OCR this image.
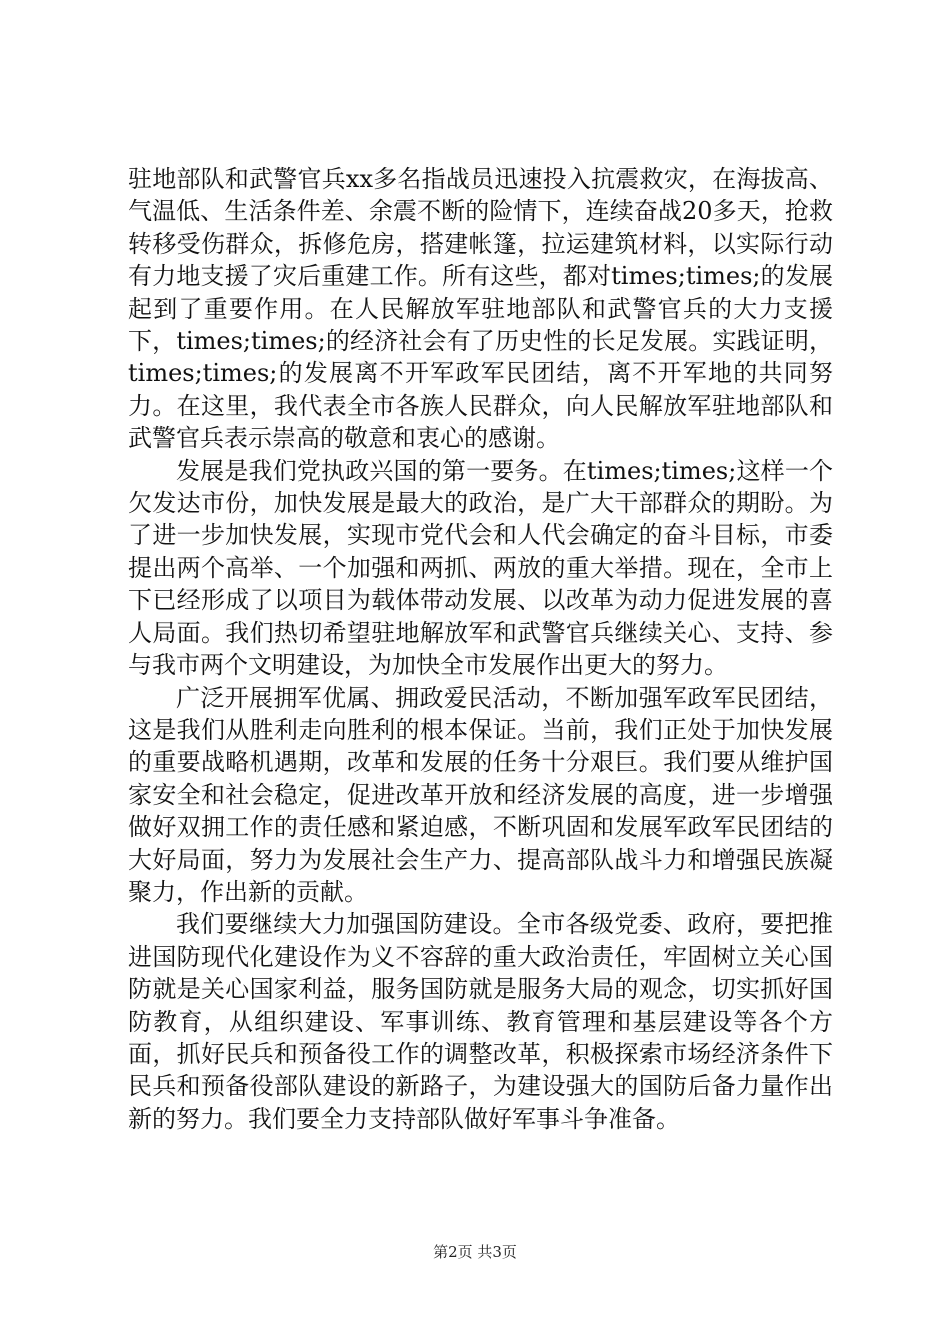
驻地部队和武警官兵xx多名指战员迅速投入抗震救灾，在海拔高、气温低、生活条件差、余震不断的险情下，连续奋战20多天，抢救转移受伤群众，拆修危房，搭建帐篷，拉运建筑材料，以实际行动有力地支援了灾后重建工作。所有这些，都对times;times;的发展起到了重要作用。在人民解放军驻地部队和武警官兵的大力支援下，times;times;的经济社会有了历史性的长足发展。实践证明，times;times;的发展离不开军政军民团结，离不开军地的共同努力。在这里，我代表全市各族人民群众，向人民解放军驻地部队和武警官兵表示崇高的敬意和衷心的感谢。

发展是我们党执政兴国的第一要务。在times;times;这样一个欠发达市份，加快发展是最大的政治，是广大干部群众的期盼。为了进一步加快发展，实现市党代会和人代会确定的奋斗目标，市委提出两个高举、一个加强和两抓、两放的重大举措。现在，全市上下已经形成了以项目为载体带动发展、以改革为动力促进发展的喜人局面。我们热切希望驻地解放军和武警官兵继续关心、支持、参与我市两个文明建设，为加快全市发展作出更大的努力。

广泛开展拥军优属、拥政爱民活动，不断加强军政军民团结，这是我们从胜利走向胜利的根本保证。当前，我们正处于加快发展的重要战略机遇期，改革和发展的任务十分艰巨。我们要从维护国家安全和社会稳定，促进改革开放和经济发展的高度，进一步增强做好双拥工作的责任感和紧迫感，不断巩固和发展军政军民团结的大好局面，努力为发展社会生产力、提高部队战斗力和增强民族凝聚力，作出新的贡献。

我们要继续大力加强国防建设。全市各级党委、政府，要把推进国防现代化建设作为义不容辞的重大政治责任，牢固树立关心国防就是关心国家利益，服务国防就是服务大局的观念，切实抓好国防教育，从组织建设、军事训练、教育管理和基层建设等各个方面，抓好民兵和预备役工作的调整改革，积极探索市场经济条件下民兵和预备役部队建设的新路子，为建设强大的国防后备力量作出新的努力。我们要全力支持部队做好军事斗争准备。

第2页 共3页
